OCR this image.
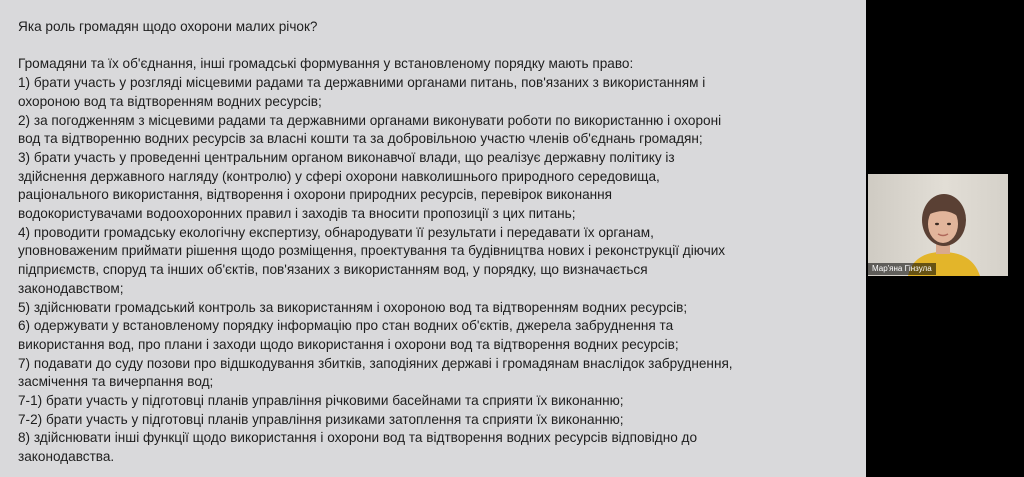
Яка роль громадян щодо охорони малих річок?

Громадяни та їх об'єднання, інші громадські формування у встановленому порядку мають право:

1) брати участь у розгляді місцевими радами та державними органами питань, пов'язаних з використанням і

охороною вод та відтворенням водних ресурсів;

2) за погодженням з місцевими радами та державними органами виконувати роботи по використанню і охороні

вод та відтворенню водних ресурсів за власні кошти та за добровільною участю членів об'єднань громадян;

3) брати участь у проведенні центральним органом виконавчої влади, що реалізує державну політику із

здійснення державного нагляду (контролю) у сфері охорони навколишнього природного середовища,

раціонального використання, відтворення і охорони природних ресурсів, перевірок виконання

водокористувачами водоохоронних правил і заходів та вносити пропозиції з цих питань;

4) проводити громадську екологічну експертизу, обнародувати її результати і передавати їх органам,

уповноваженим приймати рішення щодо розміщення, проектування та будівництва нових і реконструкції діючих

підприємств, споруд та інших об'єктів, пов'язаних з використанням вод, у порядку, що визначається

законодавством;

5) здійснювати громадський контроль за використанням і охороною вод та відтворенням водних ресурсів;

6) одержувати у встановленому порядку інформацію про стан водних об'єктів, джерела забруднення та

використання вод, про плани і заходи щодо використання і охорони вод та відтворення водних ресурсів;

7) подавати до суду позови про відшкодування збитків, заподіяних державі і громадянам внаслідок забруднення,

засмічення та вичерпання вод;

7-1) брати участь у підготовці планів управління річковими басейнами та сприяти їх виконанню;

7-2) брати участь у підготовці планів управління ризиками затоплення та сприяти їх виконанню;

8) здійснювати інші функції щодо використання і охорони вод та відтворення водних ресурсів відповідно до

законодавства.

Мар'яна Гінзула
